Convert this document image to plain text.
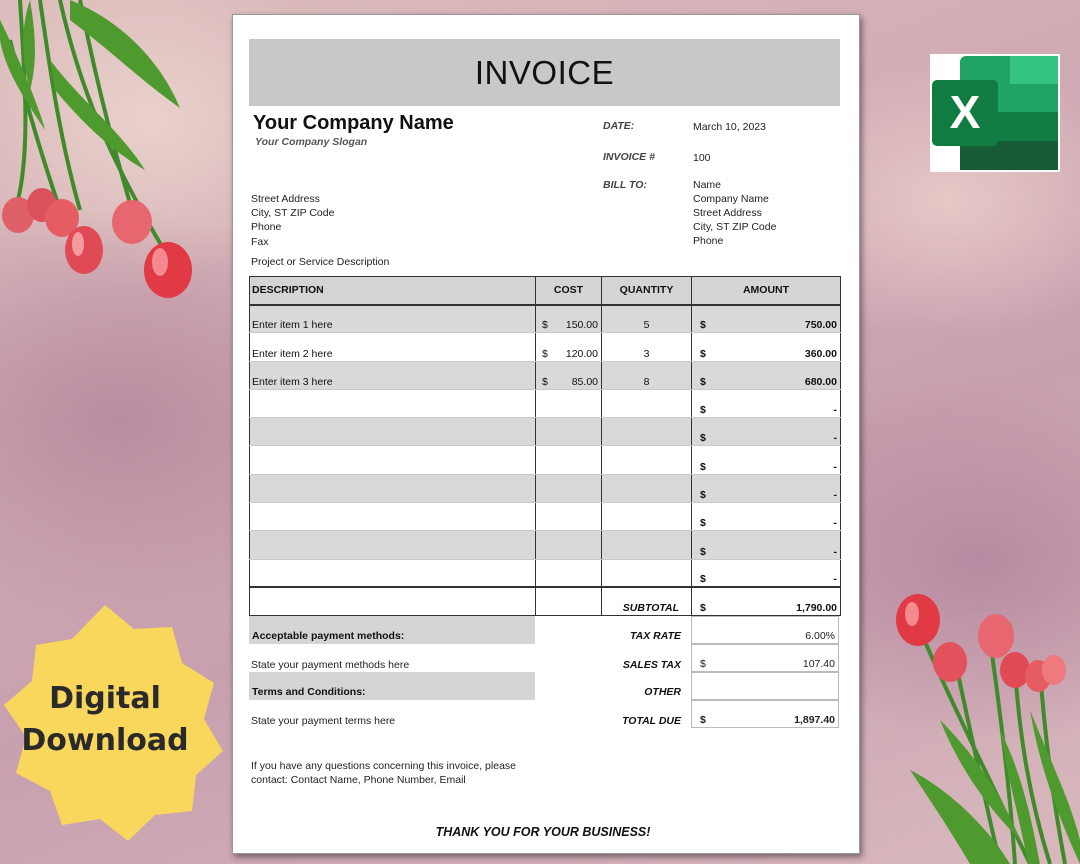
X
Digital
Download
INVOICE
Your Company Name
Your Company Slogan
DATE:	March 10, 2023
INVOICE #	100
BILL TO:	Name
Company Name
Street Address
City, ST ZIP Code
Phone
Street Address
City, ST ZIP Code
Phone
Fax
Project or Service Description
DESCRIPTION	COST	QUANTITY	AMOUNT
Enter item 1 here	$ 150.00	5	$ 750.00

Enter item 2 here	$ 120.00	3	$ 360.00

Enter item 3 here	$ 85.00	8	$ 680.00

			$ -

			$ -

			$ -

			$ -

			$ -

			$ -

			$ -

		SUBTOTAL	$ 1,790.00
Acceptable payment methods:
State your payment methods here
Terms and Conditions:
State your payment terms here
TAX RATE	6.00%
SALES TAX $	107.40
OTHER
TOTAL DUE $	1,897.40
If you have any questions concerning this invoice, please contact: Contact Name, Phone Number, Email
THANK YOU FOR YOUR BUSINESS!
